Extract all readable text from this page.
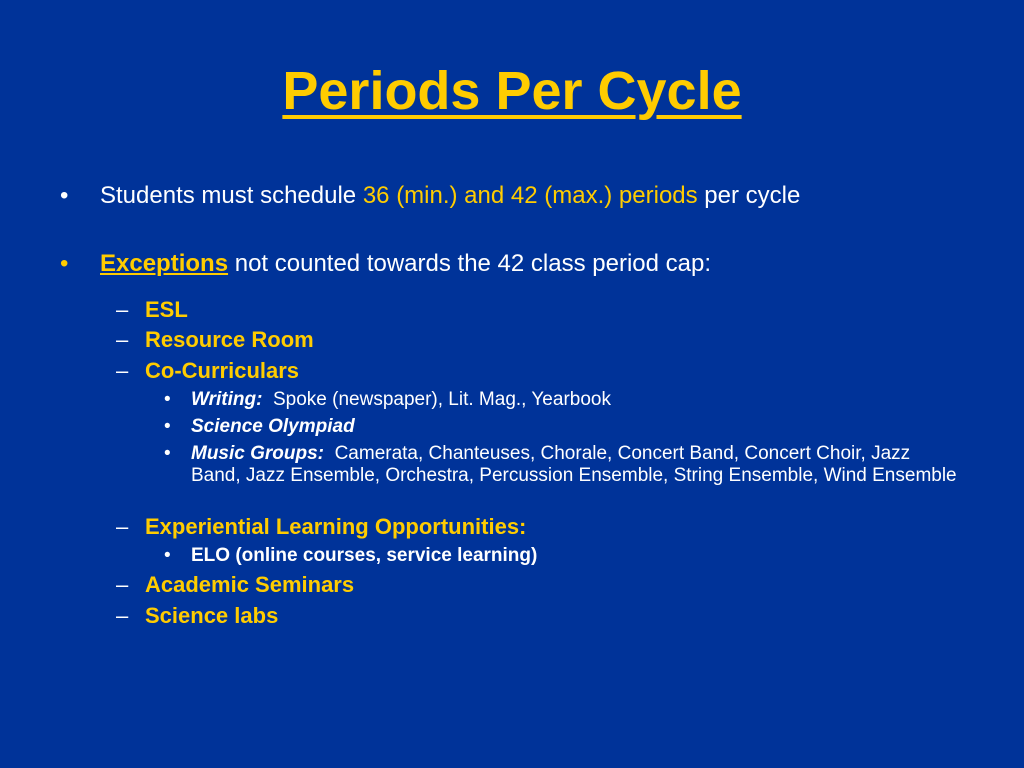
Periods Per Cycle
• Students must schedule 36 (min.) and 42 (max.) periods per cycle
• Exceptions not counted towards the 42 class period cap:
– ESL
– Resource Room
– Co-Curriculars
• Writing: Spoke (newspaper), Lit. Mag., Yearbook
• Science Olympiad
• Music Groups: Camerata, Chanteuses, Chorale, Concert Band, Concert Choir, Jazz Band, Jazz Ensemble, Orchestra, Percussion Ensemble, String Ensemble, Wind Ensemble
– Experiential Learning Opportunities:
• ELO (online courses, service learning)
– Academic Seminars
– Science labs
